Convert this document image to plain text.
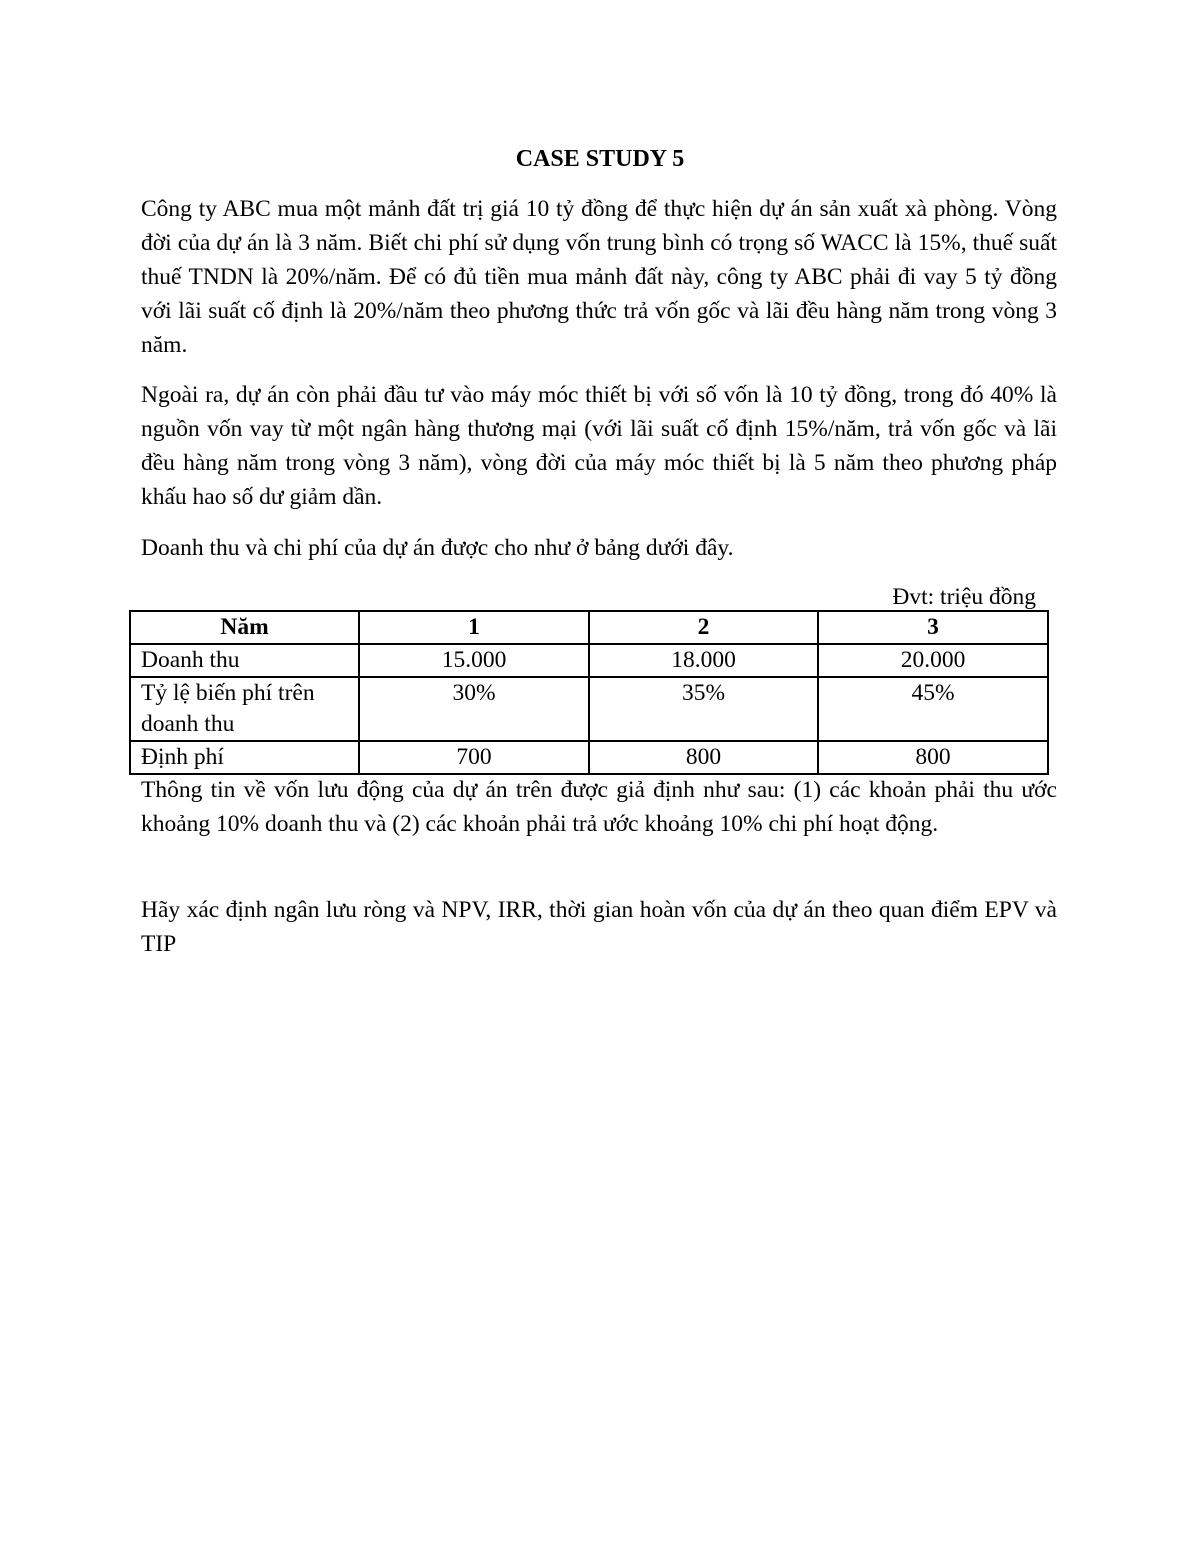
CASE STUDY 5

Công ty ABC mua một mảnh đất trị giá 10 tỷ đồng để thực hiện dự án sản xuất xà phòng. Vòng đời của dự án là 3 năm. Biết chi phí sử dụng vốn trung bình có trọng số WACC là 15%, thuế suất thuế TNDN là 20%/năm. Để có đủ tiền mua mảnh đất này, công ty ABC phải đi vay 5 tỷ đồng với lãi suất cố định là 20%/năm theo phương thức trả vốn gốc và lãi đều hàng năm trong vòng 3 năm.

Ngoài ra, dự án còn phải đầu tư vào máy móc thiết bị với số vốn là 10 tỷ đồng, trong đó 40% là nguồn vốn vay từ một ngân hàng thương mại (với lãi suất cố định 15%/năm, trả vốn gốc và lãi đều hàng năm trong vòng 3 năm), vòng đời của máy móc thiết bị là 5 năm theo phương pháp khấu hao số dư giảm dần.

Doanh thu và chi phí của dự án được cho như ở bảng dưới đây.

Đvt: triệu đồng
Năm	1	2	3
Doanh thu	15.000	18.000	20.000
Tỷ lệ biến phí trên doanh thu	30%	35%	45%
Định phí	700	800	800

Thông tin về vốn lưu động của dự án trên được giả định như sau: (1) các khoản phải thu ước khoảng 10% doanh thu và (2) các khoản phải trả ước khoảng 10% chi phí hoạt động.

Hãy xác định ngân lưu ròng và NPV, IRR, thời gian hoàn vốn của dự án theo quan điểm EPV và TIP
